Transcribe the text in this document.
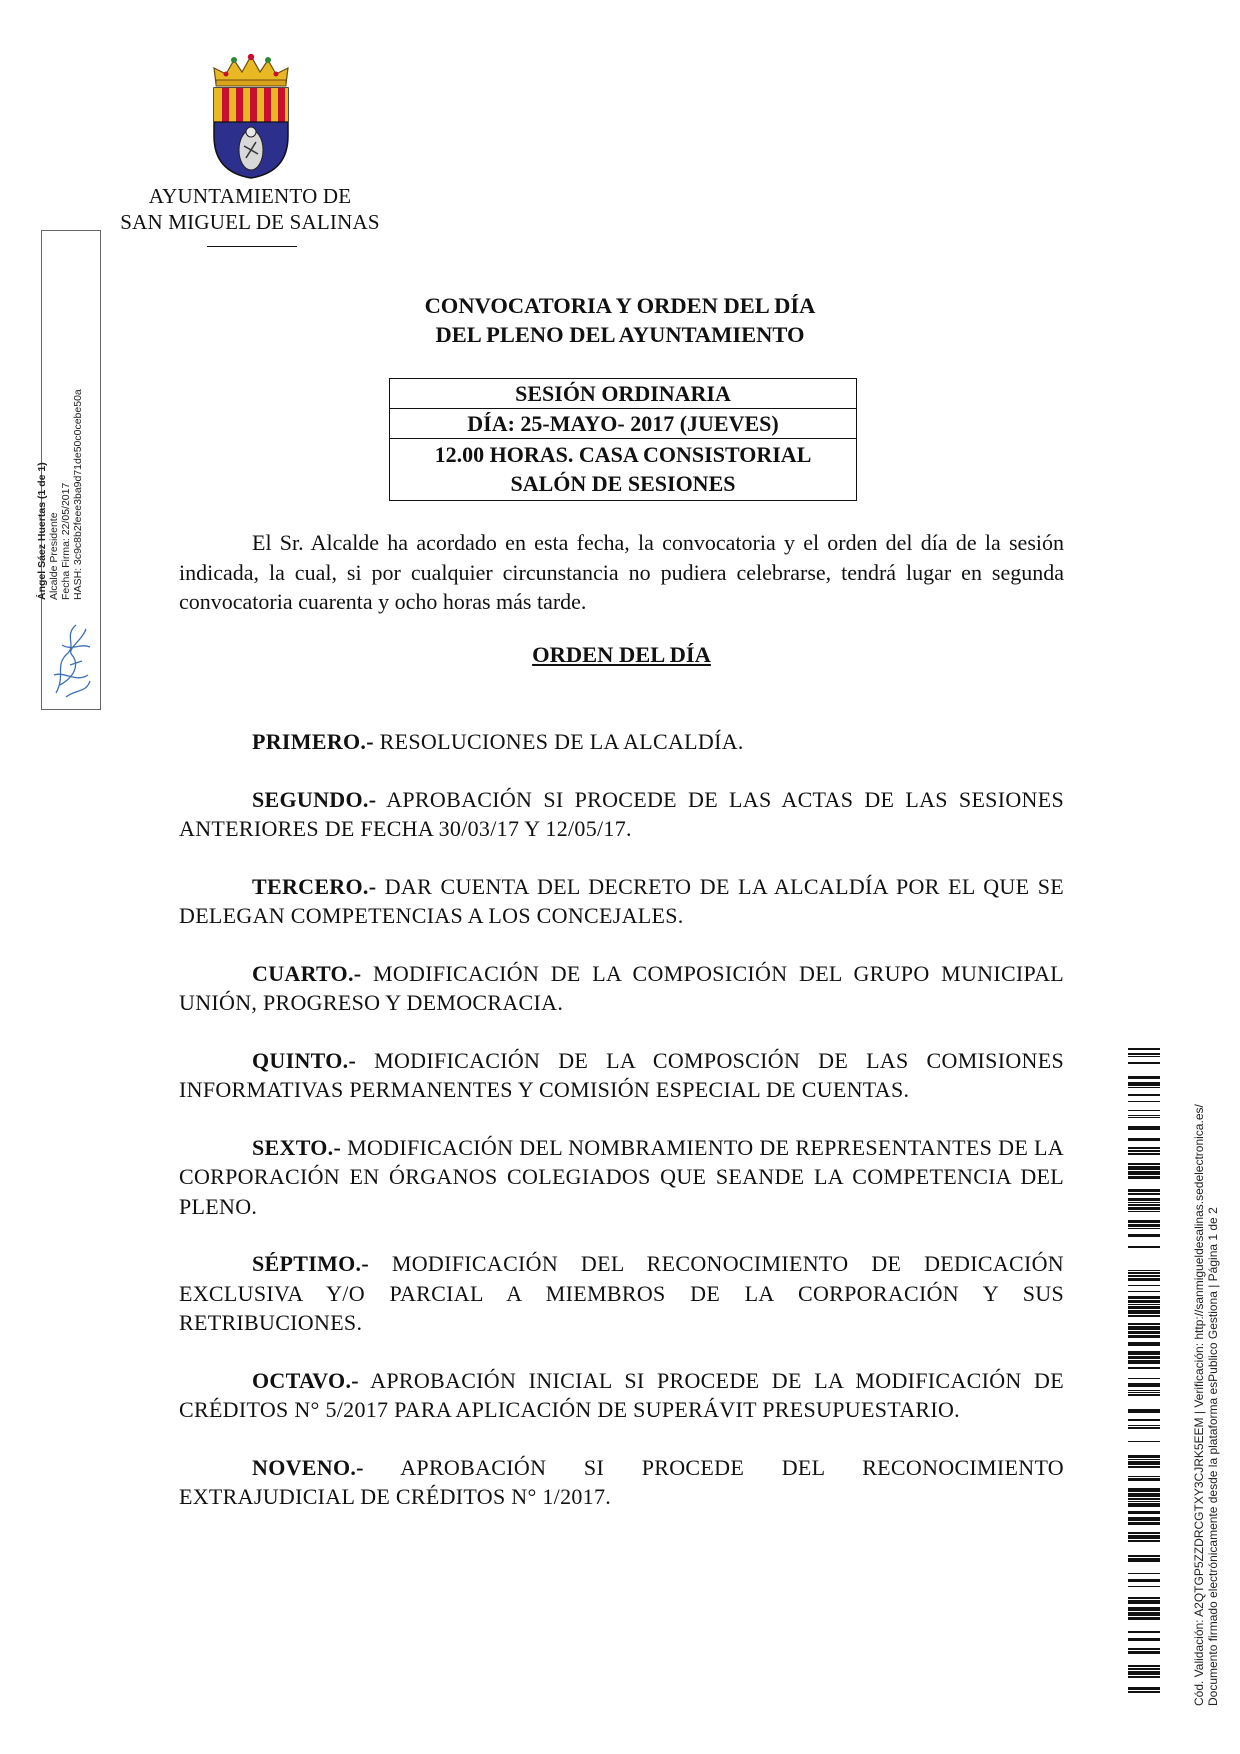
AYUNTAMIENTO DE
SAN MIGUEL DE SALINAS
Ángel Sáez Huertas (1 de 1) Alcalde Presidente Fecha Firma: 22/05/2017 HASH: 3c9c8b2feee3ba9d71de50c0cebe50a
CONVOCATORIA Y ORDEN DEL DÍA
DEL PLENO DEL AYUNTAMIENTO
SESIÓN ORDINARIA
DÍA: 25-MAYO- 2017 (JUEVES)
12.00 HORAS. CASA CONSISTORIAL
SALÓN DE SESIONES
El Sr. Alcalde ha acordado en esta fecha, la convocatoria y el orden del día de la sesión indicada, la cual, si por cualquier circunstancia no pudiera celebrarse, tendrá lugar en segunda convocatoria cuarenta y ocho horas más tarde.
ORDEN DEL DÍA

PRIMERO.- RESOLUCIONES DE LA ALCALDÍA.

SEGUNDO.- APROBACIÓN SI PROCEDE DE LAS ACTAS DE LAS SESIONES ANTERIORES DE FECHA 30/03/17 Y 12/05/17.

TERCERO.- DAR CUENTA DEL DECRETO DE LA ALCALDÍA POR EL QUE SE DELEGAN COMPETENCIAS A LOS CONCEJALES.

CUARTO.- MODIFICACIÓN DE LA COMPOSICIÓN DEL GRUPO MUNICIPAL UNIÓN, PROGRESO Y DEMOCRACIA.

QUINTO.- MODIFICACIÓN DE LA COMPOSCIÓN DE LAS COMISIONES INFORMATIVAS PERMANENTES Y COMISIÓN ESPECIAL DE CUENTAS.

SEXTO.- MODIFICACIÓN DEL NOMBRAMIENTO DE REPRESENTANTES DE LA CORPORACIÓN EN ÓRGANOS COLEGIADOS QUE SEANDE LA COMPETENCIA DEL PLENO.

SÉPTIMO.- MODIFICACIÓN DEL RECONOCIMIENTO DE DEDICACIÓN EXCLUSIVA Y/O PARCIAL A MIEMBROS DE LA CORPORACIÓN Y SUS RETRIBUCIONES.

OCTAVO.- APROBACIÓN INICIAL SI PROCEDE DE LA MODIFICACIÓN DE CRÉDITOS N° 5/2017 PARA APLICACIÓN DE SUPERÁVIT PRESUPUESTARIO.

NOVENO.- APROBACIÓN SI PROCEDE DEL RECONOCIMIENTO EXTRAJUDICIAL DE CRÉDITOS N° 1/2017.	Cód. Validación: A2QTGP5ZZDRCGTXY3CJRK5EEM | Verificación: http://sanmigueldesalinas.sedelectronica.es/ Documento firmado electrónicamente desde la plataforma esPublico Gestiona | Página 1 de 2
